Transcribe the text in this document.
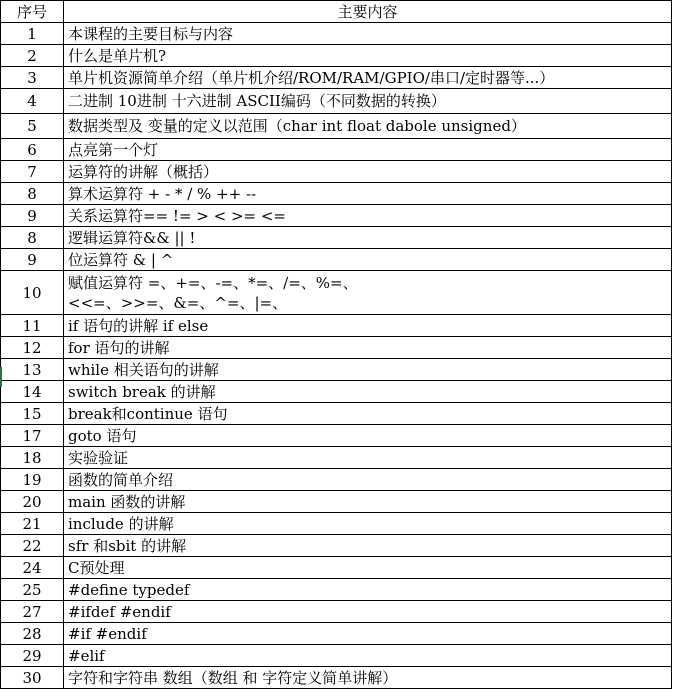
序号	主要内容
1	本课程的主要目标与内容

2	什么是单片机?

3	单片机资源简单介绍（单片机介绍/ROM/RAM/GPIO/串口/定时器等...）

4	二进制 10进制 十六进制 ASCII编码（不同数据的转换）

5	数据类型及 变量的定义以范围（char int float dabole unsigned）

6	点亮第一个灯

7	运算符的讲解（概括）

8	算术运算符 + - * / % ++ --

9	关系运算符== != > < >= <=

8	逻辑运算符&& || !

9	位运算符 & | ^

10	赋值运算符 =、+=、-=、*=、/=、%=、
<<=、>>=、&=、^=、|=、

11	if 语句的讲解 if else

12	for 语句的讲解

13	while 相关语句的讲解

14	switch break 的讲解

15	break和continue 语句

17	goto 语句

18	实验验证

19	函数的简单介绍

20	main 函数的讲解

21	include 的讲解

22	sfr 和sbit 的讲解

24	C预处理

25	#define typedef

27	#ifdef #endif

28	#if #endif

29	#elif

30	字符和字符串 数组（数组 和 字符定义简单讲解）
